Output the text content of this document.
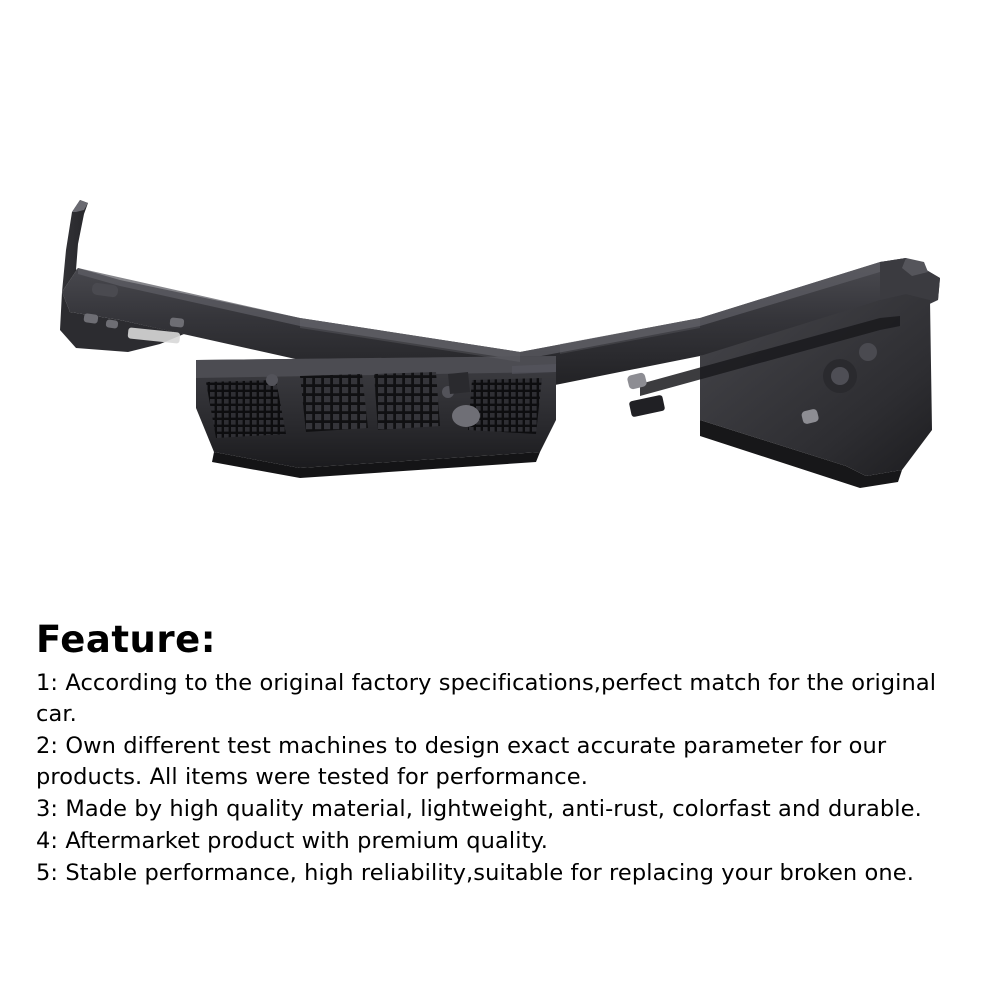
Feature:
1: According to the original factory specifications,perfect match for the original car.
2: Own different test machines to design exact accurate parameter for our products. All items were tested for performance.
3: Made by high quality material, lightweight, anti-rust, colorfast and durable.
4: Aftermarket product with premium quality.
5: Stable performance, high reliability,suitable for replacing your broken one.
